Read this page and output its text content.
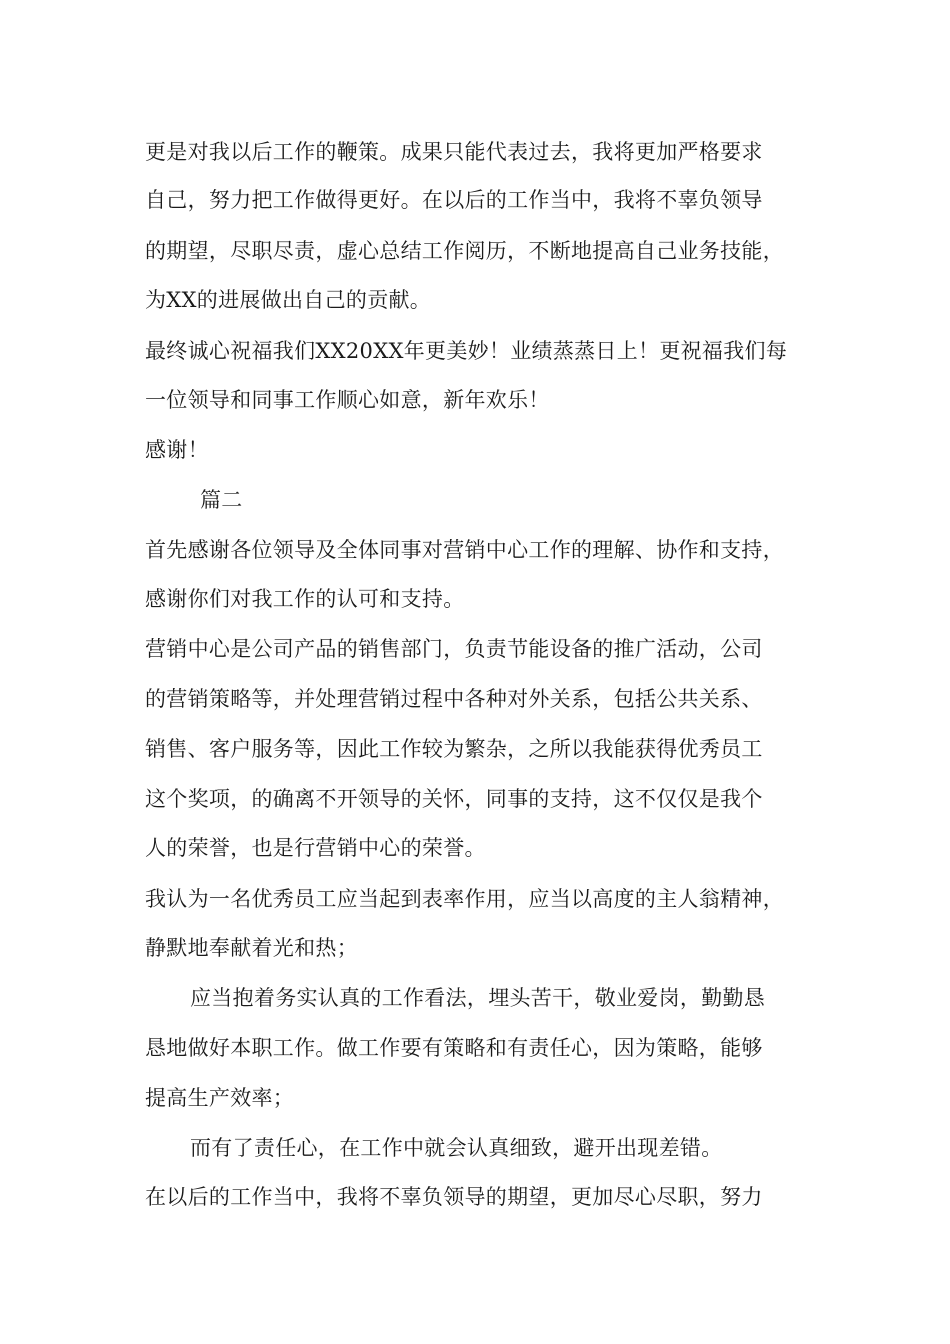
更是对我以后工作的鞭策。成果只能代表过去，我将更加严格要求
自己，努力把工作做得更好。在以后的工作当中，我将不辜负领导
的期望，尽职尽责，虚心总结工作阅历，不断地提高自己业务技能，
为XX的进展做出自己的贡献。
最终诚心祝福我们XX20XX年更美妙！业绩蒸蒸日上！更祝福我们每
一位领导和同事工作顺心如意，新年欢乐！
感谢！
篇二
首先感谢各位领导及全体同事对营销中心工作的理解、协作和支持，
感谢你们对我工作的认可和支持。
营销中心是公司产品的销售部门，负责节能设备的推广活动，公司
的营销策略等，并处理营销过程中各种对外关系，包括公共关系、
销售、客户服务等，因此工作较为繁杂，之所以我能获得优秀员工
这个奖项，的确离不开领导的关怀，同事的支持，这不仅仅是我个
人的荣誉，也是行营销中心的荣誉。
我认为一名优秀员工应当起到表率作用，应当以高度的主人翁精神，
静默地奉献着光和热；
应当抱着务实认真的工作看法，埋头苦干，敬业爱岗，勤勤恳
恳地做好本职工作。做工作要有策略和有责任心，因为策略，能够
提高生产效率；
而有了责任心，在工作中就会认真细致，避开出现差错。
在以后的工作当中，我将不辜负领导的期望，更加尽心尽职，努力
